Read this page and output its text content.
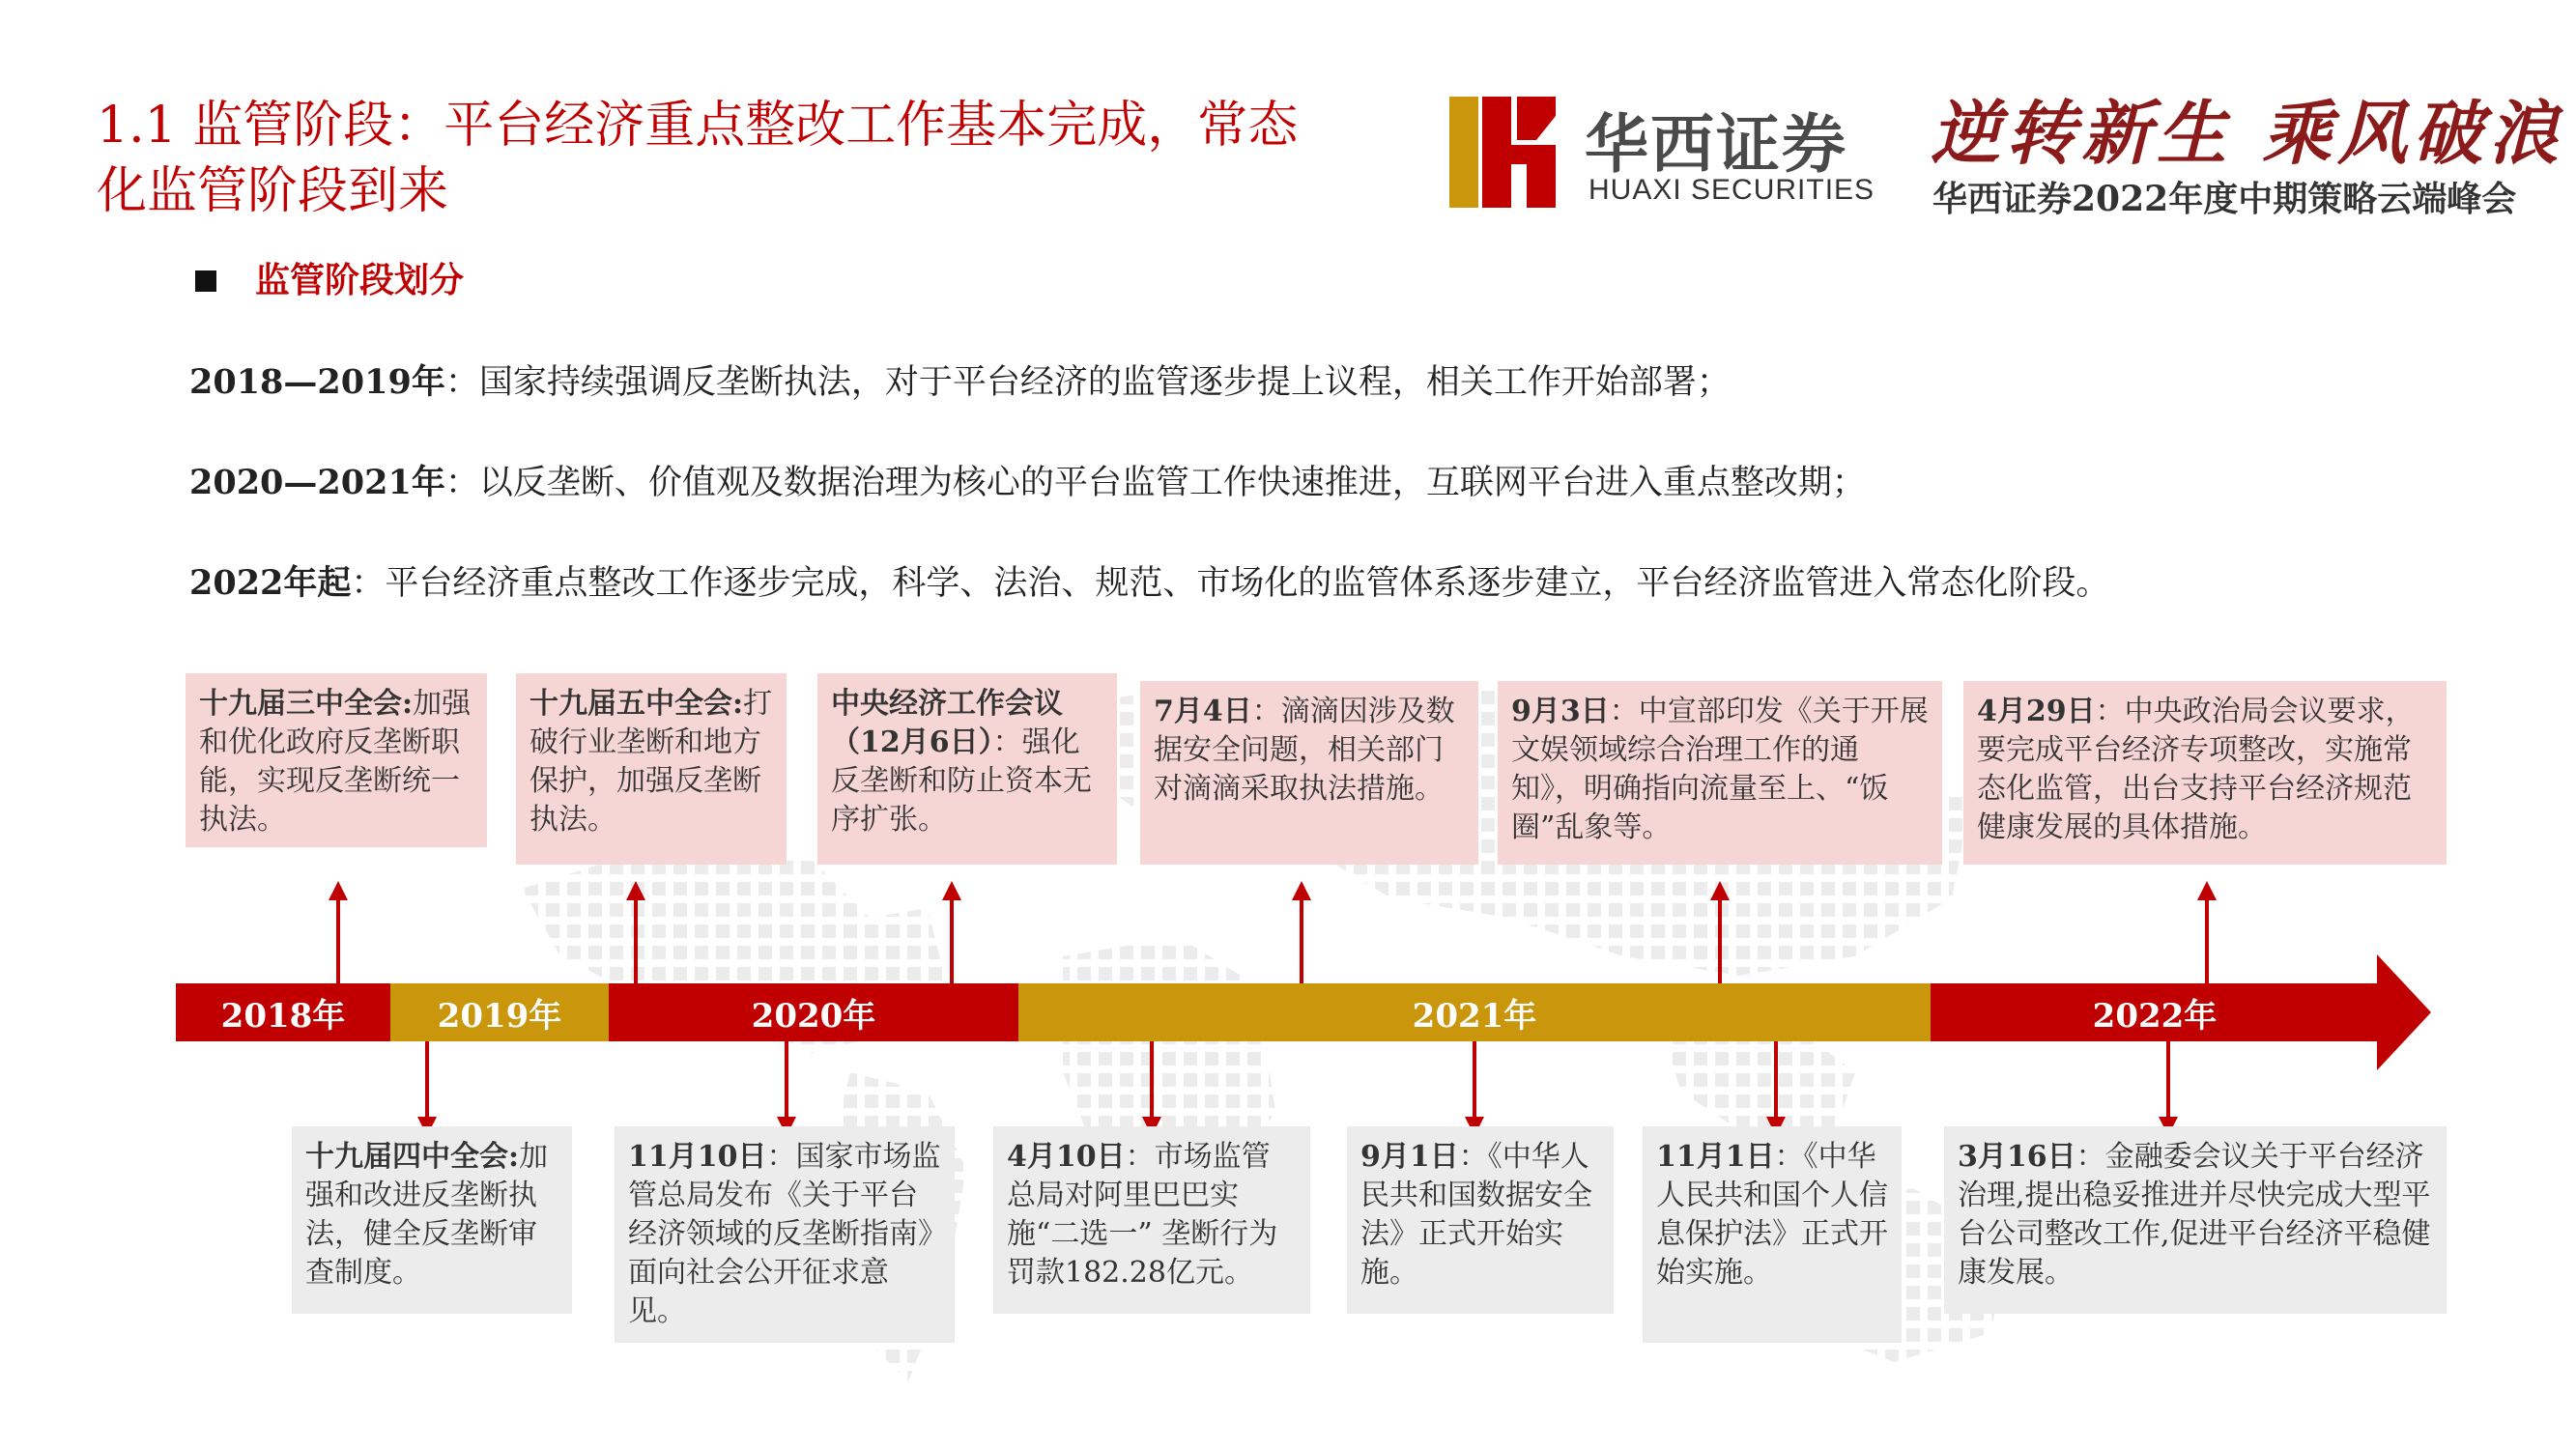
1.1 监管阶段：平台经济重点整改工作基本完成，常态
化监管阶段到来
华西证券
HUAXI SECURITIES
逆转新生 乘风破浪
华西证券2022年度中期策略云端峰会
监管阶段划分
2018—2019年：国家持续强调反垄断执法，对于平台经济的监管逐步提上议程，相关工作开始部署；
2020—2021年：以反垄断、价值观及数据治理为核心的平台监管工作快速推进，互联网平台进入重点整改期；
2022年起：平台经济重点整改工作逐步完成，科学、法治、规范、市场化的监管体系逐步建立，平台经济监管进入常态化阶段。
2018年	2019年	2020年	2021年	2022年
十九届三中全会:加强和优化政府反垄断职能，实现反垄断统一执法。
十九届五中全会:打破行业垄断和地方保护，加强反垄断执法。
中央经济工作会议（12月6日）：强化反垄断和防止资本无序扩张。
7月4日：滴滴因涉及数据安全问题，相关部门对滴滴采取执法措施。
9月3日：中宣部印发《关于开展文娱领域综合治理工作的通知》，明确指向流量至上、“饭圈”乱象等。
4月29日：中央政治局会议要求，要完成平台经济专项整改，实施常态化监管，出台支持平台经济规范健康发展的具体措施。
十九届四中全会:加强和改进反垄断执法，健全反垄断审查制度。
11月10日：国家市场监管总局发布《关于平台经济领域的反垄断指南》面向社会公开征求意见。
4月10日：市场监管总局对阿里巴巴实施“二选一” 垄断行为罚款182.28亿元。
9月1日：《中华人民共和国数据安全法》正式开始实施。
11月1日：《中华人民共和国个人信息保护法》正式开始实施。
3月16日：金融委会议关于平台经济治理,提出稳妥推进并尽快完成大型平台公司整改工作,促进平台经济平稳健康发展。
